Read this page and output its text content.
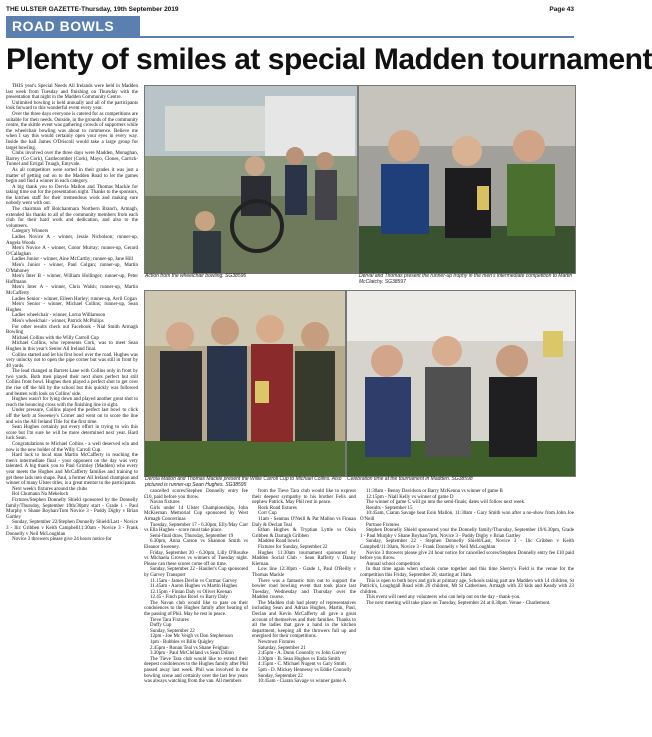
THE ULSTER GAZETTE-Thursday, 19th September 2019	Page 43
ROAD BOWLS
Plenty of smiles at special Madden tournament

THIS year's Special Needs All Irelands were held in Madden last week from Tuesday and finishing on Thursday with the presentation that night in the Madden Community Centre.

Unlimited bowling is held annually and all of the participants look forward to this wonderful event every year.

Over the three days everyone is catered for as competitions are suitable for their needs. Outside, in the grounds of the community centre, the skittle event was gathering crowds of supporters while the wheelchair bowling was about to commence. Believe me when I say this would certainly open your eyes in every way. Inside the hall James O'Driscoll would take a large group for target bowling.

Clubs involved over the three days were Madden, Monaghan, Barrey (Co Cork), Castlecomber (Cork), Mayo, Clones, Carrick-Tunnel and Errigal Truagh, Emyvale.

As all competitors were sorted in their grades it was just a matter of getting out on to the Madden Road to let the games begin and find a winner in each category.

A big thank you to Dervla Mallon and Thomas Mackle for taking time out for the presentation night. Thanks to the sponsors, the kitchen staff for their tremendous work and making sure nobody went with out.

The chairman off Bolchanmara Northern Branch, Armagh, extended his thanks to all of the community members from each club for their hard work and dedication, and also to the volunteers.

Category Winners

Ladies Novice A - winner, Jessie Nicholson; runner-up, Angela Woods

Men's Novice A - winner, Conor Murray; runner-up, Gerard O'Callaghan

Ladies Junior - winner, Aine McCarthy; runner-up, Jane Hill

Men's Junior - winner, Paul Colgan; runner-up, Martin O'Mahoney

Men's Inter B - winner, William Hollinger; runner-up, Peter Hoffmann

Men's Inter A - winner, Chris Walsh; runner-up, Martin McCafferty

Ladies Senior - winner, Eileen Hurley; runner-up, Avril Cogan

Men's Senior - winner, Michael Collins; runner-up, Sean Hughes

Ladies wheelchair - winner, Lorna Williamson

Men's wheelchair - winner, Patrick McPhilips

For other results check out Facebook - Nial Smith Armagh Bowling

Michael Collins with the Willy Carroll Cup

Michael Collins, who represents Cork, was to meet Sean Hughes in this year's Senior All Ireland final.

Collins started and let his first bowl over the road. Hughes was very unlucky not to open the pipe corner but was still in front by 40 yards.

The lead changed at Barrets Lane with Collins only in front by two yards. Both men played their next shots perfect but still Collins front bowl. Hughes then played a perfect shot to get over the rise off the hill by the school but this quickly was followed and beaten with look on Collins' side.

Hughes wasn't for lying down and played another great shot to reach the bouncing cross with the finishing line in sight.

Under pressure, Collins played the perfect last bowl to click off the kerb at Sweeney's Corner and went on to score the line and win the All Ireland Title for the first time.

Sean Hughes certainly put every effort in trying to win this score but I'm sure he will be more determined next year. Hard luck Sean.

Congratulations to Michael Collins - a well deserved win and now is the new holder of the Willy Carroll Cup.

Hard luck to local man Martin McCafferty in reaching the men's intermediate final - your opponent on the day was very talented. A big thank you to Paul Grimley (Madden) who every year meets the Hughes and McCafferty families and training to get these lads into shape. Paul, a former All Ireland champion and winner of many Ulster titles, is a great mentor to the participants.

Next week's fixtures around the clubs

Bol Chumann Na Mekeloch

Fixtures/Stephen Donnelly Shield sponsored by the Donnelly family/Thursday, September 19th/30pm/ start - Grade 1 - Paul Murphy v Shane Boyhan/Tom Novice 3 - Paddy Digby v Brian Gartley

Sunday, September 22/Stephen Donnelly Shield/Last - Novice 3 - Ilic Gribben v Keith Campbell11:30am - Novice 3 - Frank Donnelly v Neil McLoughlan

Novice 3 throwers please give 24 hours notice for

Action from the wheelchair bowling. SG38596	Derval and Thomas present the runner-up trophy in the men's intermediate competition to Martin McClatchy. SG38597
Derola Mallon and Thomas Mackle present the Willie Carroll Cup to Michael Collins. Also pictured is runner-up Sean Hughes. SG38595
Celebration time at the tournament in Madden. SG38598

cancelled scores/Stephen Donnelly entry fee £10, paid before you throw.

Navan fixtures

Girls under 14 Ulster Championships, John McKiernan Memorial Cup sponsored by West Armagh Concertinas

Tuesday, September 17 - 6.30pm, Elly/May Carr vs Ella Hughes - score must take place.

Semi-final draw, Thursday, September 19

6.30pm, Anna Carson vs Shannon Smith vs Eleanor Sweeney.

Friday, September 20 - 6.30pm, Lilly O'Rourke vs Michaela Groves vs winners of Tuesday night. Please can these scores come off on time.

Sunday, September 22 - Haulier's Cup sponsored by Garvey Transport

11.15am - James Devlin vs Cormac Garvey

11.45am - Aaron Hughes vs Martin Hughes

12.15pm - Fintan Daly vs Oliver Keenan

12.45 - Finch plus Bowl vs Barry Daly

The Navan club would like to pass on their condolences to the Hughes family after hearing of the passing of Phil. May he rest in peace.

Tieve Tara Fixtures

Duffy Cup

Sunday, September 22

12pm - Joe Mc Veigh vs Don Stephenson

1pm - Bubbles vs Billo Quigley

2.45pm - Ronan Teal vs Shane Feighan

3.30pm - Paul McClelland vs Sean Dillon

The Tieve Tara club would like to extend their deepest condolences to the Hughes family after Phil passed away last week. Phil was involved in the bowling scene and certainly over the last few years was always watching from the van. All members

from the Tieve Tara club would like to express their deepest sympathy to his brother Felix and nephew Patrick. May Phil rest in peace.

Rock Road fixtures

Corr Cup

11am - Seamus O'Neill & Pat Mallon vs Finnan Daly & Declan Teal

Ethan Hughes & Tryptian Lyttle vs Oisin Gribben & Darragh Gribben

Madden Road bowls

Fixtures for Sunday, September 22

Hughes 11:30am tournament sponsored by Madden Social Club - Sean Rafferty v Danny Kiernan.

Low line 12:30pm - Grade 1, Paul O'Reilly v Thomas Mackle

There was a fantastic turn out to support the bowler road bowling event that took place last Tuesday, Wednesday and Thursday over the Madden course.

The Madden club had plenty of representatives including Sean and Adrian Hughes, Martin, Paul, Declan and Kevin McCafferty all gave a great account of themselves and their families. Thanks to all the ladies that gave a hand in the kitchen department, keeping all the throwers full up and energised for their competitions.

Newtown Fixtures

Saturday, September 21

2:45pm - A. Dunn Connolly vs John Garvey

3:30pm - B. Sean Hughes vs Enda Smith

4:15pm - C. Michael Nugent vs Gary Smith

5pm - D. Mickey Hennessy vs Eddie Connolly

Sunday, September 22

10:45am - Ciaran Savage vs winner game A

11:30am - Benny Davidson or Barry McKenna vs winner of game B

12:15pm - Niall Kelly vs winner of game D

The winner of game C will go into the semi-finals; dates will follow next week.

Results - September 15

10:45am, Ciaran Savage beat Eoin Mallon. 11:30am - Gary Smith won after a no-show from John Joe O'Neill

Portnoe Fixtures

Stephen Donnelly Shield sponsored your the Donnelly family/Thursday, September 19/6.30pm, Grade 1 - Paul Murphy v Shane Boyhan/7pm, Novice 3 - Paddy Digby v Brian Gartley

Sunday, September 22 - Stephen Donnelly Shield/Last, Novice 3 - Ilic Gribben v Keith Campbell/11:30am, Novice 3 - Frank Donnelly v Neil McLoughlan

Novice 3 throwers please give 24 hour notice for cancelled scores/Stephen Donnelly entry fee £10 paid before you throw.

Annual school competition

In that time again when schools come together and this time Sherry's Field is the venue for the competition this Friday, September 20, starting at 10am.

This is open to both boys and girls at primary age. Schools taking part are Madden with 14 children, St Patrick's, Loughgall Road with 26 children, Mt St Catherines, Armagh with 33 kids and Keady with 23 children.

This event will need any volunteers who can help out on the day - thank-you.

The next meeting will take place on Tuesday, September 24 at 8.30pm. Venue - Charlemont.
